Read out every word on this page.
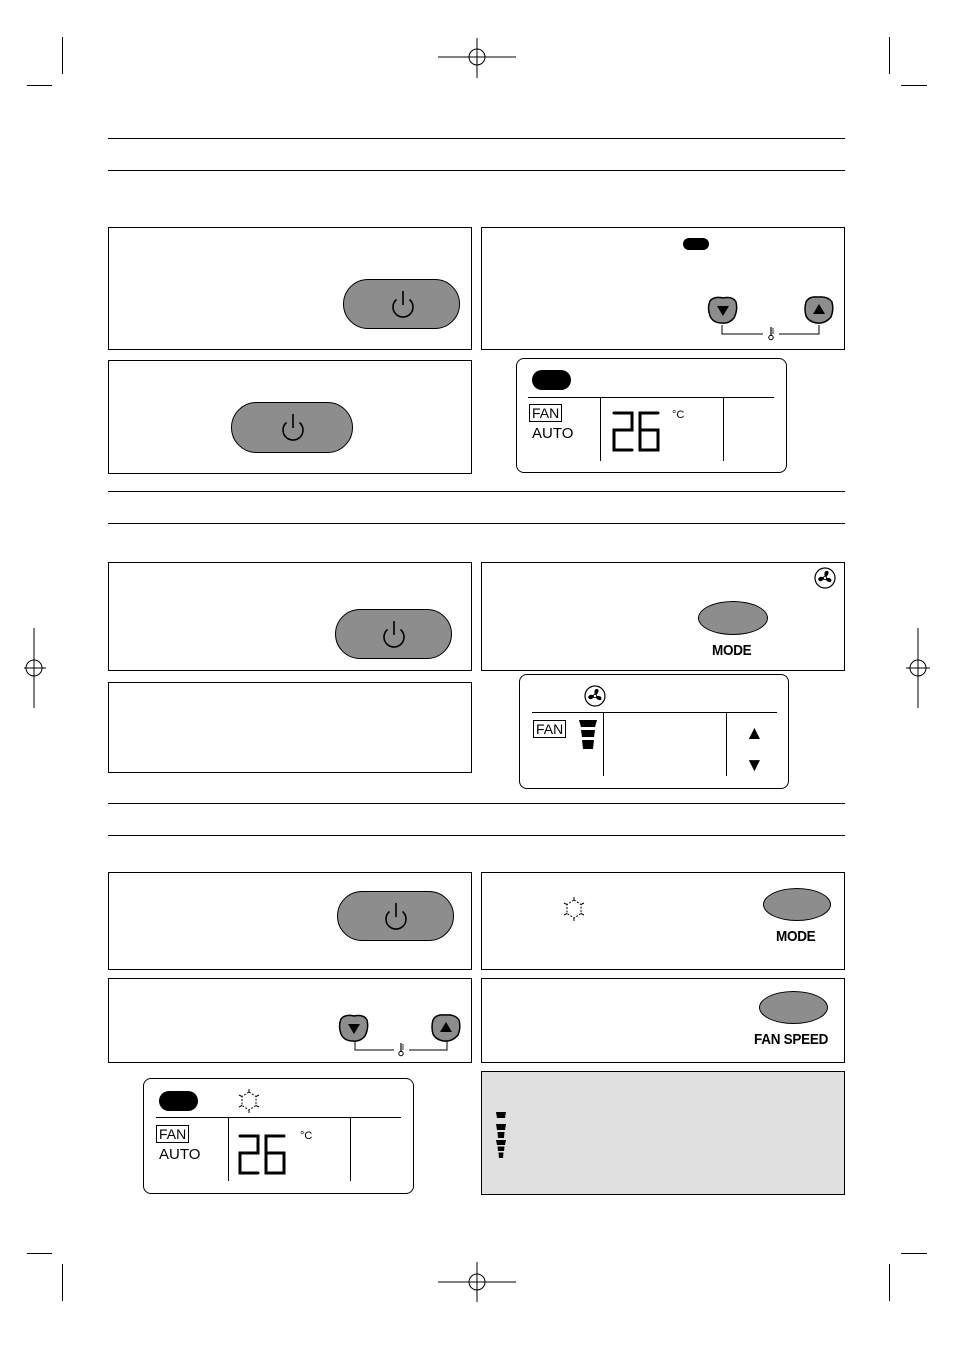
FAN
AUTO
°C
MODE
FAN	▲
▼
MODE
FAN SPEED
FAN
AUTO
°C
